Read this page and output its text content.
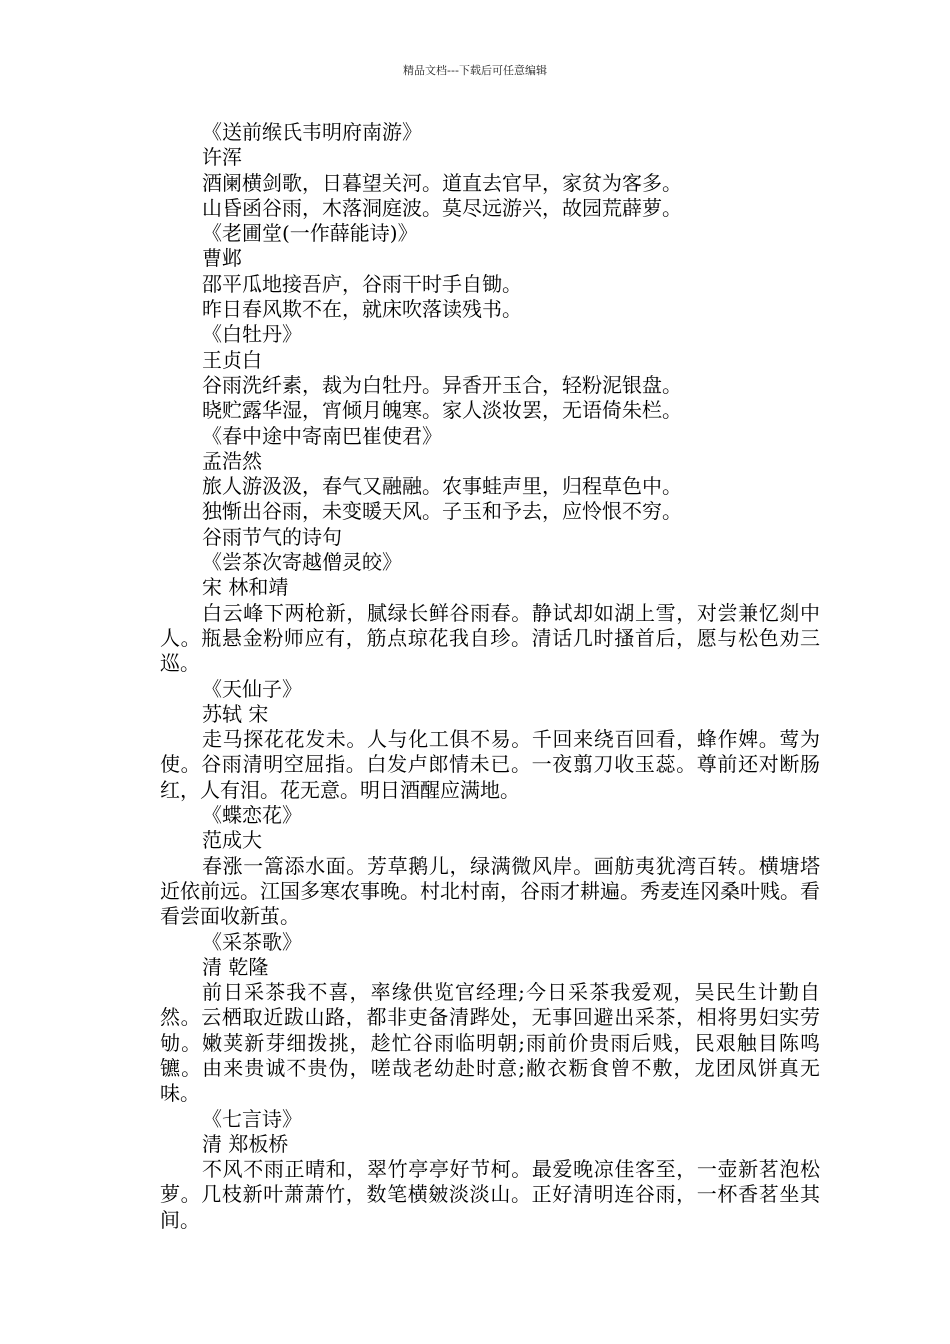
精品文档---下载后可任意编辑

《送前缑氏韦明府南游》

许浑

酒阑横剑歌，日暮望关河。道直去官早，家贫为客多。

山昏函谷雨，木落洞庭波。莫尽远游兴，故园荒薜萝。

《老圃堂(一作薛能诗)》

曹邺

邵平瓜地接吾庐，谷雨干时手自锄。

昨日春风欺不在，就床吹落读残书。

《白牡丹》

王贞白

谷雨洗纤素，裁为白牡丹。异香开玉合，轻粉泥银盘。

晓贮露华湿，宵倾月魄寒。家人淡妆罢，无语倚朱栏。

《春中途中寄南巴崔使君》

孟浩然

旅人游汲汲，春气又融融。农事蛙声里，归程草色中。

独惭出谷雨，未变暖天风。子玉和予去，应怜恨不穷。

谷雨节气的诗句

《尝茶次寄越僧灵皎》

宋 林和靖

白云峰下两枪新，腻绿长鲜谷雨春。静试却如湖上雪，对尝兼忆剡中人。瓶悬金粉师应有，筋点琼花我自珍。清话几时搔首后，愿与松色劝三巡。

《天仙子》

苏轼 宋

走马探花花发未。人与化工俱不易。千回来绕百回看，蜂作婢。莺为使。谷雨清明空屈指。白发卢郎情未已。一夜翦刀收玉蕊。尊前还对断肠红，人有泪。花无意。明日酒醒应满地。

《蝶恋花》

范成大

春涨一篙添水面。芳草鹅儿，绿满微风岸。画舫夷犹湾百转。横塘塔近依前远。江国多寒农事晚。村北村南，谷雨才耕遍。秀麦连冈桑叶贱。看看尝面收新茧。

《采茶歌》

清 乾隆

前日采茶我不喜，率缘供览官经理;今日采茶我爱观，吴民生计勤自然。云栖取近跋山路，都非吏备清跸处，无事回避出采茶，相将男妇实劳劬。嫩荚新芽细拨挑，趁忙谷雨临明朝;雨前价贵雨后贱，民艰触目陈鸣镳。由来贵诚不贵伪，嗟哉老幼赴时意;敝衣粝食曾不敷，龙团凤饼真无味。

《七言诗》

清 郑板桥

不风不雨正晴和，翠竹亭亭好节柯。最爱晚凉佳客至，一壶新茗泡松萝。几枝新叶萧萧竹，数笔横皴淡淡山。正好清明连谷雨，一杯香茗坐其间。
